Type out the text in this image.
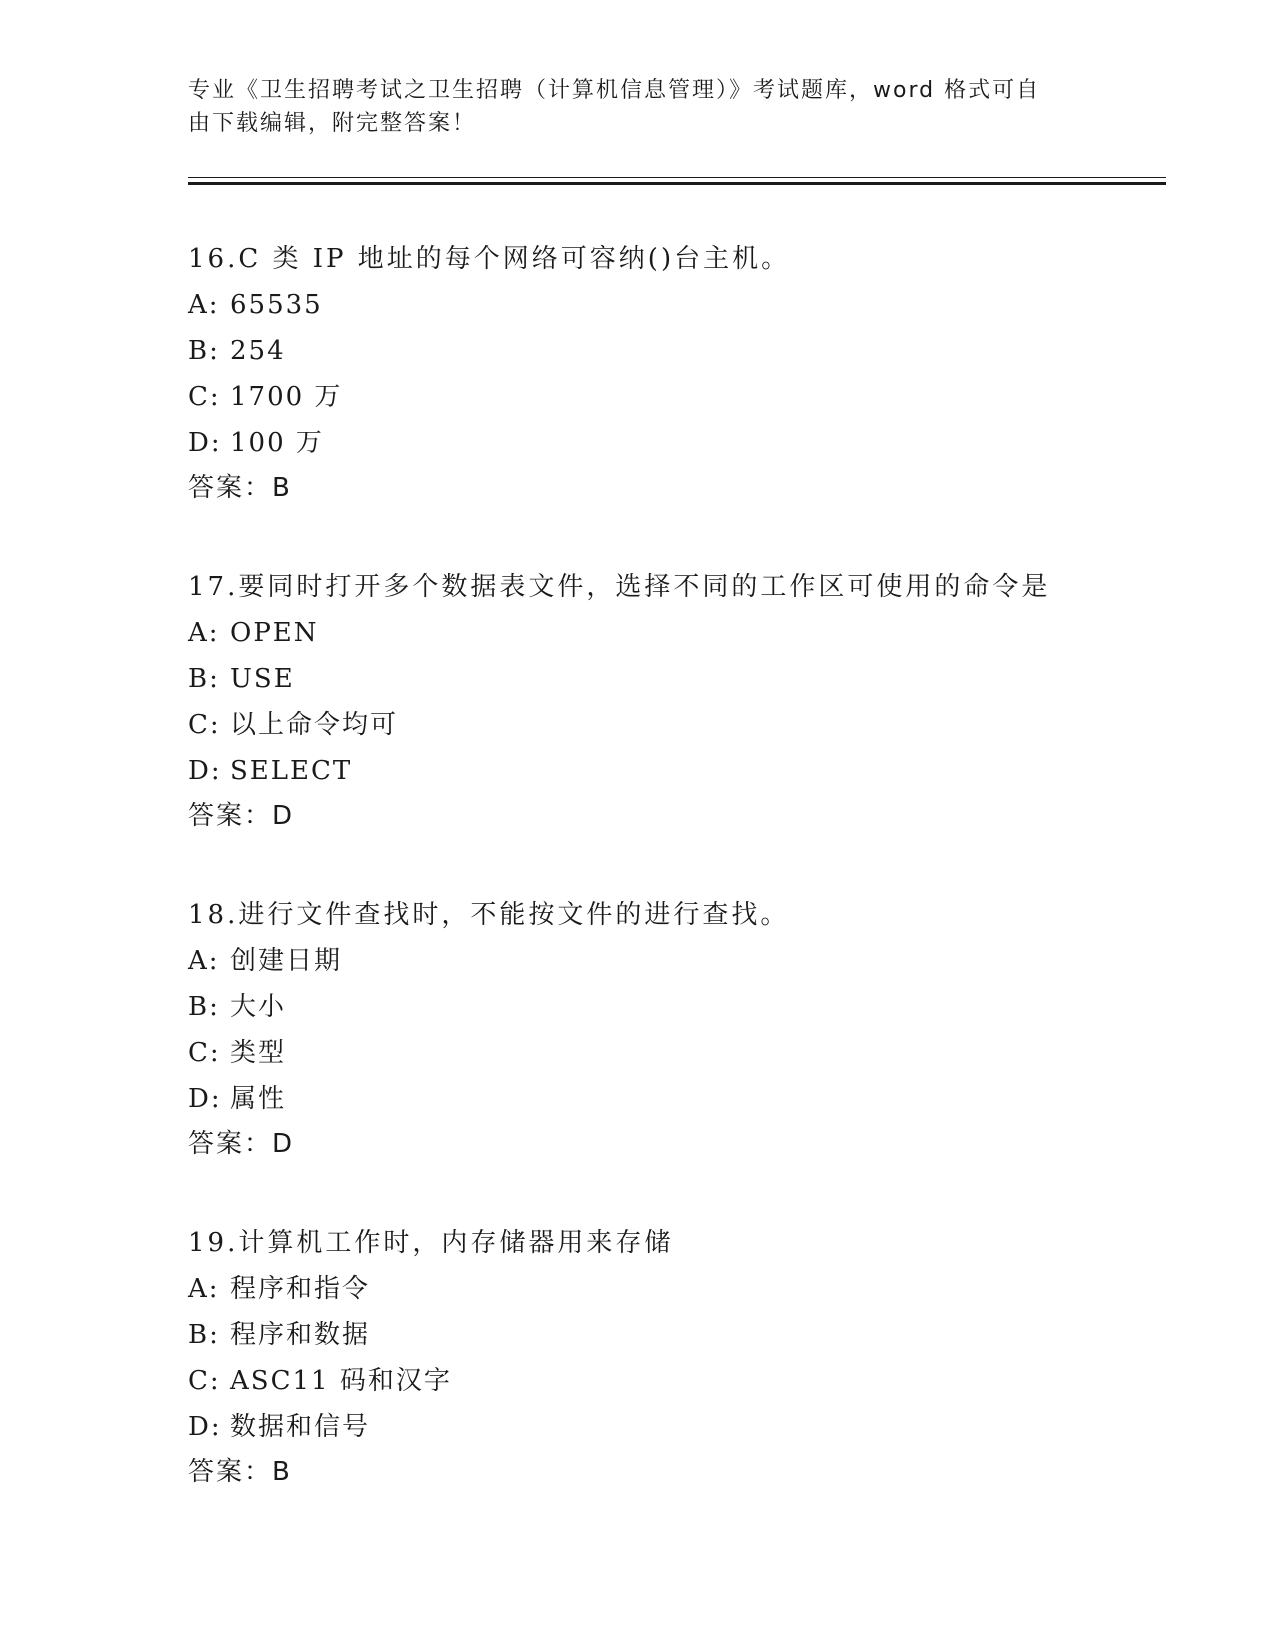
专业《卫生招聘考试之卫生招聘（计算机信息管理）》考试题库，word 格式可自
由下载编辑，附完整答案！
16.C 类 IP 地址的每个网络可容纳()台主机。
A: 65535
B: 254
C: 1700 万
D: 100 万
答案：B
17.要同时打开多个数据表文件，选择不同的工作区可使用的命令是
A: OPEN
B: USE
C: 以上命令均可
D: SELECT
答案：D
18.进行文件查找时，不能按文件的进行查找。
A: 创建日期
B: 大小
C: 类型
D: 属性
答案：D
19.计算机工作时，内存储器用来存储
A: 程序和指令
B: 程序和数据
C: ASC11 码和汉字
D: 数据和信号
答案：B
